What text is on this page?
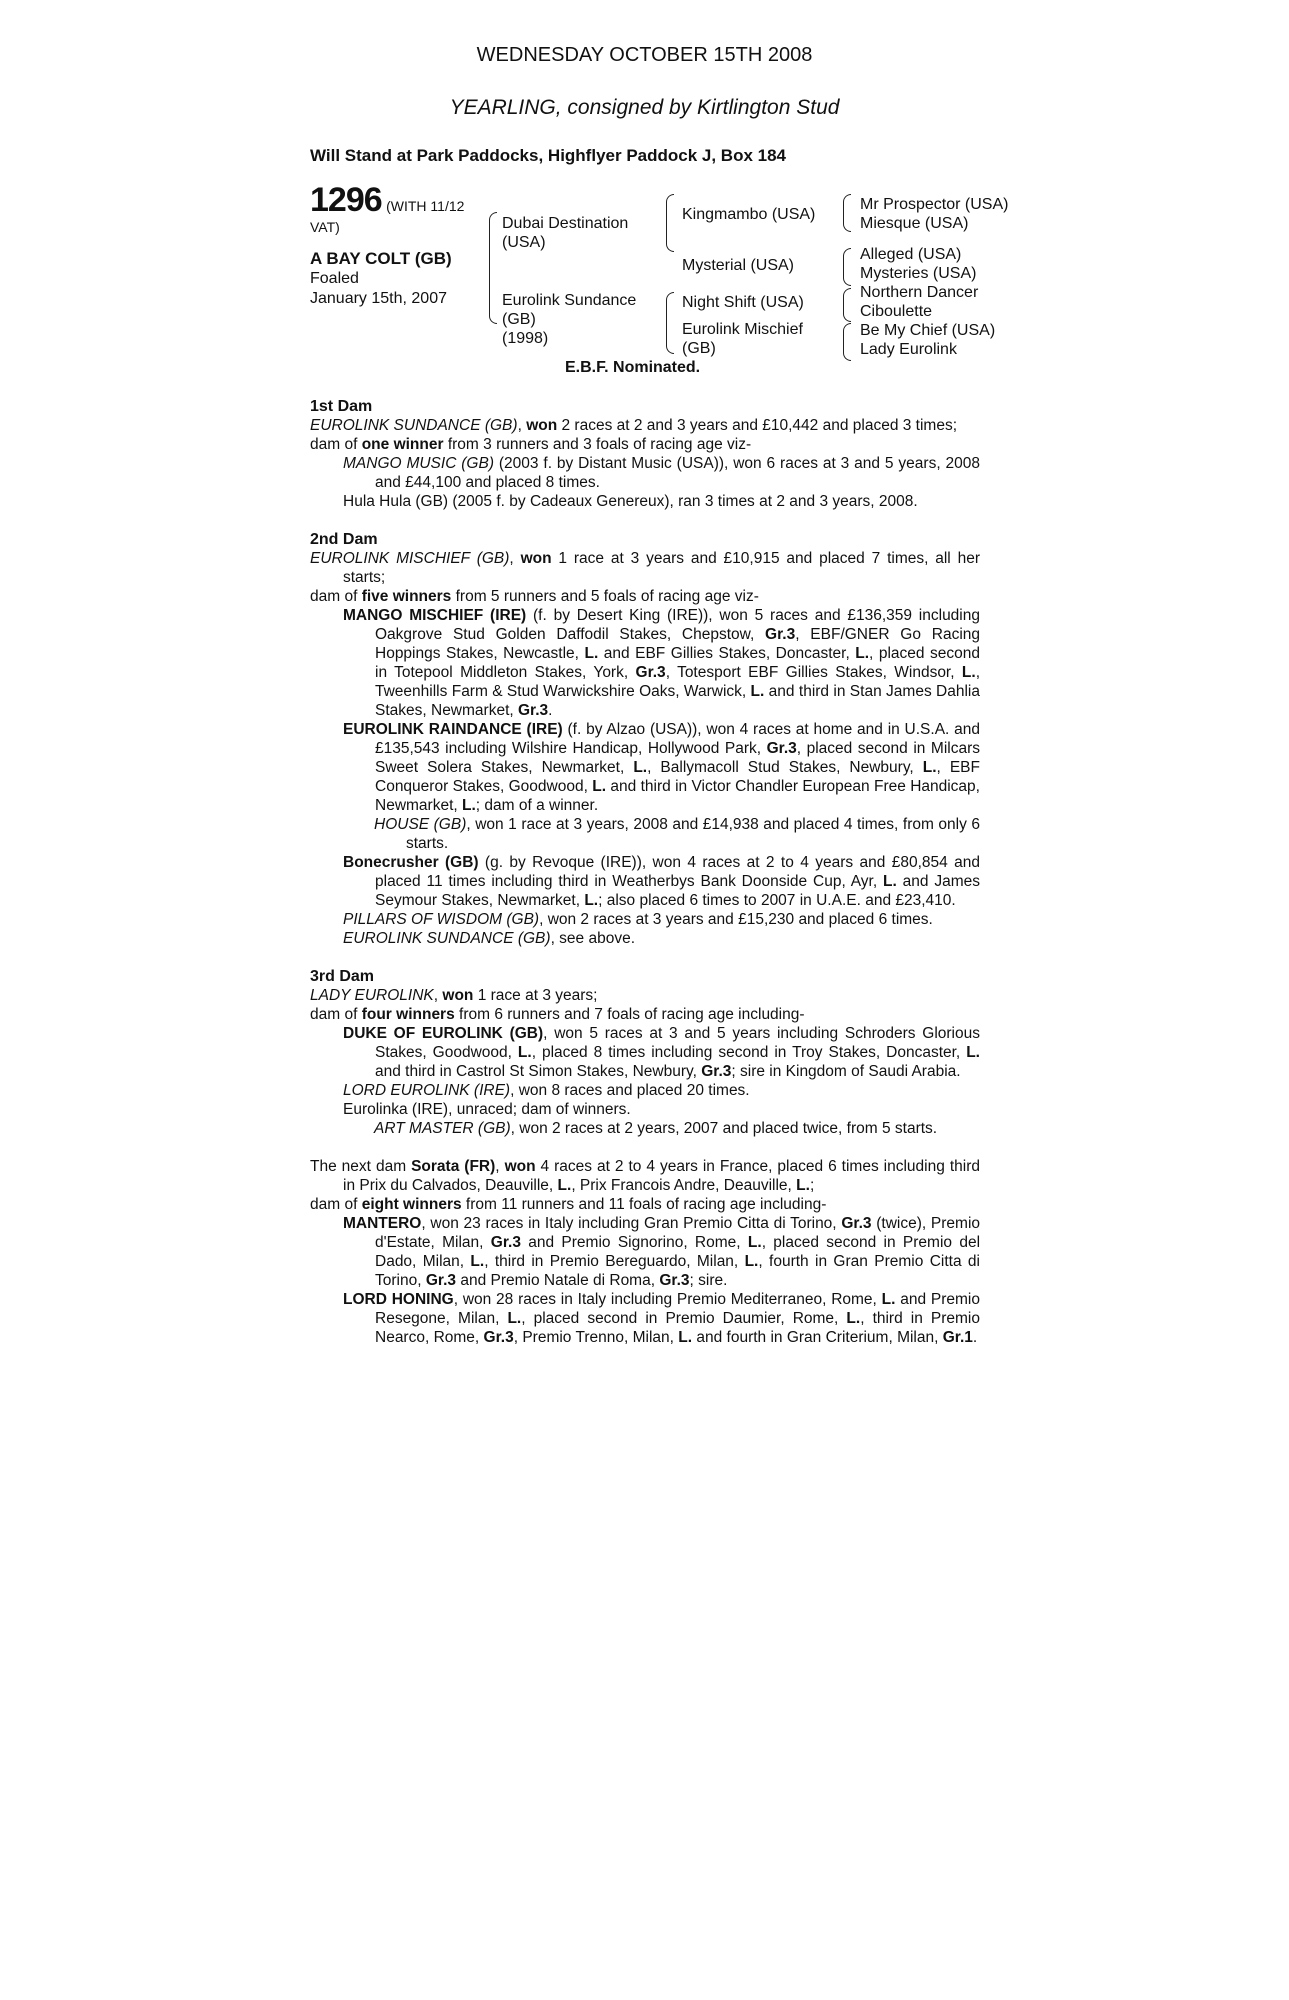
WEDNESDAY OCTOBER 15TH 2008
YEARLING, consigned by Kirtlington Stud
Will Stand at Park Paddocks, Highflyer Paddock J, Box 184
1296 (WITH 11/12
VAT)
A BAY COLT (GB)
Foaled
January 15th, 2007
Dubai Destination
(USA)
Eurolink Sundance
(GB)
(1998)
Kingmambo (USA)
Mysterial (USA)
Night Shift (USA)
Eurolink Mischief
(GB)
Mr Prospector (USA)
Miesque (USA)
Alleged (USA)
Mysteries (USA)
Northern Dancer
Ciboulette
Be My Chief (USA)
Lady Eurolink
E.B.F. Nominated.

1st Dam

EUROLINK SUNDANCE (GB), won 2 races at 2 and 3 years and £10,442 and placed 3 times;

dam of one winner from 3 runners and 3 foals of racing age viz-

MANGO MUSIC (GB) (2003 f. by Distant Music (USA)), won 6 races at 3 and 5 years, 2008 and £44,100 and placed 8 times.

Hula Hula (GB) (2005 f. by Cadeaux Genereux), ran 3 times at 2 and 3 years, 2008.

2nd Dam

EUROLINK MISCHIEF (GB), won 1 race at 3 years and £10,915 and placed 7 times, all her starts;

dam of five winners from 5 runners and 5 foals of racing age viz-

MANGO MISCHIEF (IRE) (f. by Desert King (IRE)), won 5 races and £136,359 including Oakgrove Stud Golden Daffodil Stakes, Chepstow, Gr.3, EBF/GNER Go Racing Hoppings Stakes, Newcastle, L. and EBF Gillies Stakes, Doncaster, L., placed second in Totepool Middleton Stakes, York, Gr.3, Totesport EBF Gillies Stakes, Windsor, L., Tweenhills Farm & Stud Warwickshire Oaks, Warwick, L. and third in Stan James Dahlia Stakes, Newmarket, Gr.3.

EUROLINK RAINDANCE (IRE) (f. by Alzao (USA)), won 4 races at home and in U.S.A. and £135,543 including Wilshire Handicap, Hollywood Park, Gr.3, placed second in Milcars Sweet Solera Stakes, Newmarket, L., Ballymacoll Stud Stakes, Newbury, L., EBF Conqueror Stakes, Goodwood, L. and third in Victor Chandler European Free Handicap, Newmarket, L.; dam of a winner.

HOUSE (GB), won 1 race at 3 years, 2008 and £14,938 and placed 4 times, from only 6 starts.

Bonecrusher (GB) (g. by Revoque (IRE)), won 4 races at 2 to 4 years and £80,854 and placed 11 times including third in Weatherbys Bank Doonside Cup, Ayr, L. and James Seymour Stakes, Newmarket, L.; also placed 6 times to 2007 in U.A.E. and £23,410.

PILLARS OF WISDOM (GB), won 2 races at 3 years and £15,230 and placed 6 times.

EUROLINK SUNDANCE (GB), see above.

3rd Dam

LADY EUROLINK, won 1 race at 3 years;

dam of four winners from 6 runners and 7 foals of racing age including-

DUKE OF EUROLINK (GB), won 5 races at 3 and 5 years including Schroders Glorious Stakes, Goodwood, L., placed 8 times including second in Troy Stakes, Doncaster, L. and third in Castrol St Simon Stakes, Newbury, Gr.3; sire in Kingdom of Saudi Arabia.

LORD EUROLINK (IRE), won 8 races and placed 20 times.

Eurolinka (IRE), unraced; dam of winners.

ART MASTER (GB), won 2 races at 2 years, 2007 and placed twice, from 5 starts.

The next dam Sorata (FR), won 4 races at 2 to 4 years in France, placed 6 times including third in Prix du Calvados, Deauville, L., Prix Francois Andre, Deauville, L.;

dam of eight winners from 11 runners and 11 foals of racing age including-

MANTERO, won 23 races in Italy including Gran Premio Citta di Torino, Gr.3 (twice), Premio d'Estate, Milan, Gr.3 and Premio Signorino, Rome, L., placed second in Premio del Dado, Milan, L., third in Premio Bereguardo, Milan, L., fourth in Gran Premio Citta di Torino, Gr.3 and Premio Natale di Roma, Gr.3; sire.

LORD HONING, won 28 races in Italy including Premio Mediterraneo, Rome, L. and Premio Resegone, Milan, L., placed second in Premio Daumier, Rome, L., third in Premio Nearco, Rome, Gr.3, Premio Trenno, Milan, L. and fourth in Gran Criterium, Milan, Gr.1.
